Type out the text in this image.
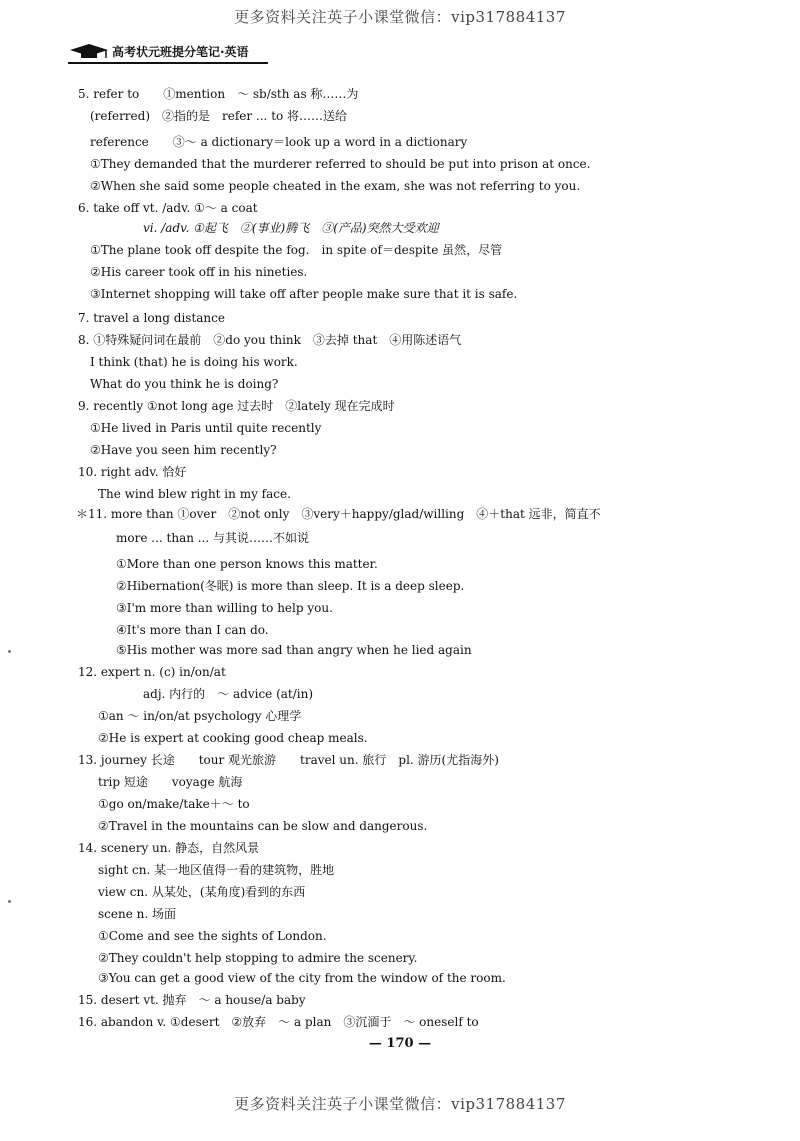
更多资料关注英子小课堂微信：vip317884137
高考状元班提分笔记·英语
5. refer to　　①mention　～ sb/sth as 称……为
(referred)　②指的是　refer ... to 将……送给
reference　　③～ a dictionary＝look up a word in a dictionary
①They demanded that the murderer referred to should be put into prison at once.
②When she said some people cheated in the exam, she was not referring to you.
6. take off vt. /adv. ①～ a coat
vi. /adv. ①起飞　②(事业)腾飞　③(产品)突然大受欢迎
①The plane took off despite the fog.　in spite of＝despite 虽然，尽管
②His career took off in his nineties.
③Internet shopping will take off after people make sure that it is safe.
7. travel a long distance
8. ①特殊疑问词在最前　②do you think　③去掉 that　④用陈述语气
I think (that) he is doing his work.
What do you think he is doing?
9. recently ①not long age 过去时　②lately 现在完成时
①He lived in Paris until quite recently
②Have you seen him recently?
10. right adv. 恰好
The wind blew right in my face.
＊11. more than ①over　②not only　③very＋happy/glad/willing　④＋that 远非，简直不
more ... than ... 与其说……不如说
①More than one person knows this matter.
②Hibernation(冬眠) is more than sleep. It is a deep sleep.
③I'm more than willing to help you.
④It's more than I can do.
⑤His mother was more sad than angry when he lied again
12. expert n. (c) in/on/at
adj. 内行的　～ advice (at/in)
①an ～ in/on/at psychology 心理学
②He is expert at cooking good cheap meals.
13. journey 长途　　tour 观光旅游　　travel un. 旅行　pl. 游历(尤指海外)
trip 短途　　voyage 航海
①go on/make/take＋～ to
②Travel in the mountains can be slow and dangerous.
14. scenery un. 静态，自然风景
sight cn. 某一地区值得一看的建筑物，胜地
view cn. 从某处，(某角度)看到的东西
scene n. 场面
①Come and see the sights of London.
②They couldn't help stopping to admire the scenery.
③You can get a good view of the city from the window of the room.
15. desert vt. 抛弃　～ a house/a baby
16. abandon v. ①desert　②放弃　～ a plan　③沉湎于　～ oneself to
— 170 —
更多资料关注英子小课堂微信：vip317884137
